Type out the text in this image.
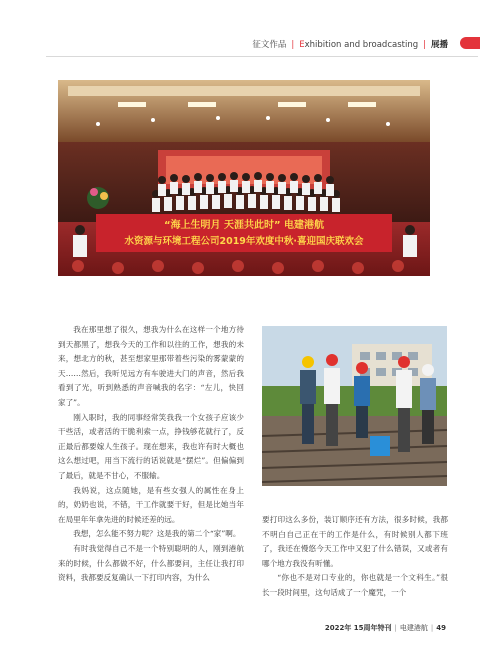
征文作品 | Exhibition and broadcasting | 展播
“海上生明月 天涯共此时” 电建港航
水资源与环境工程公司2019年欢度中秋·喜迎国庆联欢会

我在那里想了很久，想我为什么在这样一个地方待到天都黑了，想我今天的工作和以往的工作，想我的未来，想北方的秋，甚至想家里那带着些污染的雾蒙蒙的天……然后，我听见远方有车驶进大门的声音，然后我看到了光，听到熟悉的声音喊我的名字：“左儿，快回家了”。

刚入职时，我的同事经常笑我我一个女孩子应该少干些活，或者活的干脆利索一点，挣钱够花就行了，反正最后都要嫁人生孩子。现在想来，我也许有时大概也这么想过吧，用当下流行的话说就是“摆烂”。但偏偏到了最后，就是不甘心，不服输。

我妈说，这点随她，是有些女强人的属性在身上的，奶奶也说，不错，干工作就要干好，但是比她当年在局里年年拿先进的时候还差的远。

我想，怎么能不努力呢？这是我的第二个“家”啊。

有时我觉得自己不是一个特别聪明的人，刚到港航来的时候，什么都做不好，什么都要问，主任让我打印资料，我都要反复确认一下打印内容，为什么

要打印这么多份，装订顺序还有方法，很多时候，我都不明白自己正在干的工作是什么，有时候别人都下班了，我还在慢悠今天工作中又犯了什么错误，又或者有哪个地方我没有听懂。

“你也不是对口专业的，你也就是一个文科生。”很长一段时间里，这句话成了一个魔咒，一个

2022年 15周年特刊 | 电建港航 | 49
